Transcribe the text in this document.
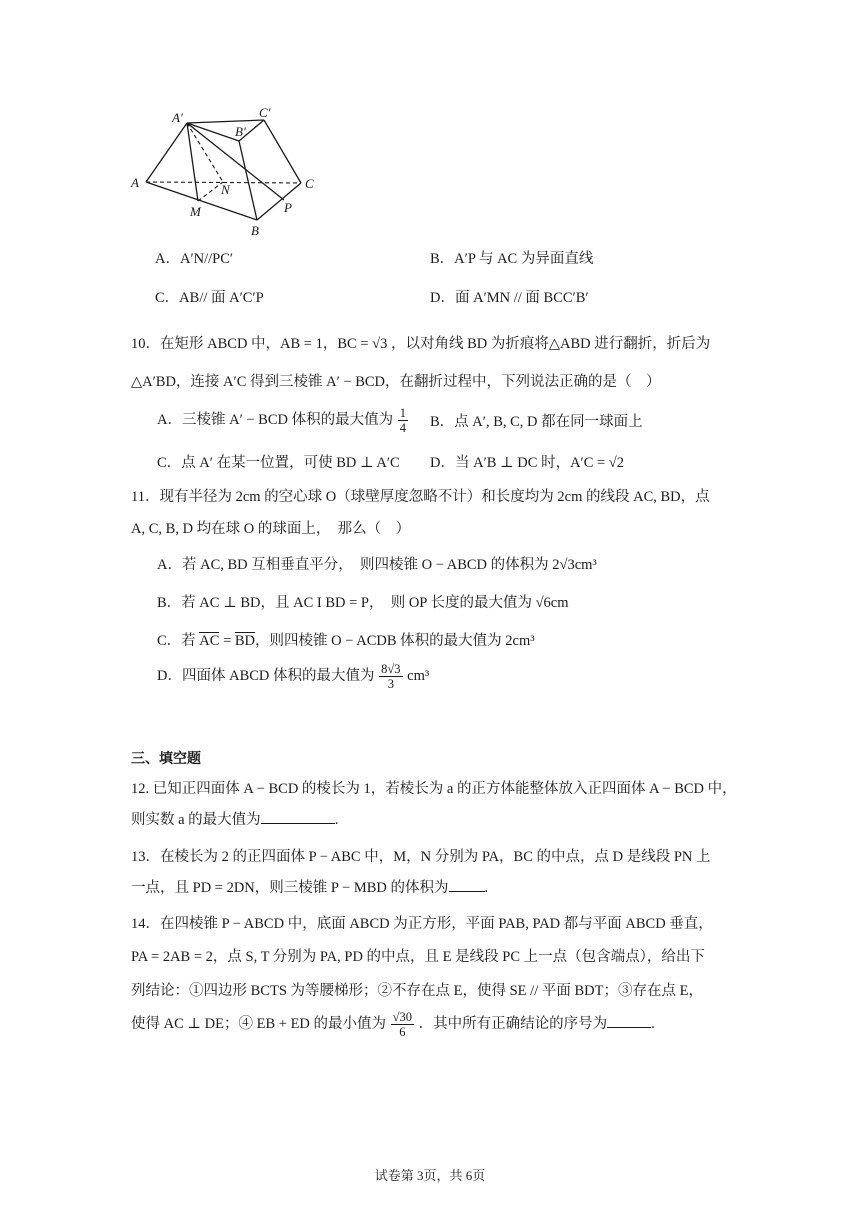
A′	C′
B′
A	N	C
M	P
B
A．A′N//PC′	B．A′P 与 AC 为异面直线
C．AB// 面 A′C′P	D．面 A′MN // 面 BCC′B′
10．在矩形 ABCD 中，AB = 1，BC = √3 ，以对角线 BD 为折痕将△ABD 进行翻折，折后为
△A′BD，连接 A′C 得到三棱锥 A′ − BCD，在翻折过程中，下列说法正确的是（　）
A．三棱锥 A′ − BCD 体积的最大值为 $\frac{1}{4}$ B．点 A′, B, C, D 都在同一球面上
C．点 A′ 在某一位置，可使 BD ⊥ A′C D．当 A′B ⊥ DC 时，A′C = √2
11．现有半径为 2cm 的空心球 O（球壁厚度忽略不计）和长度均为 2cm 的线段 AC, BD，点
A, C, B, D 均在球 O 的球面上，　那么（　）
A．若 AC, BD 互相垂直平分，　则四棱锥 O − ABCD 的体积为 2√3cm³
B．若 AC ⊥ BD，且 AC I BD = P，　则 OP 长度的最大值为 √6cm
C．若 AC = BD，则四棱锥 O − ACDB 体积的最大值为 2cm³
D．四面体 ABCD 体积的最大值为 $\frac{8√3}{3} cm^3$
三、填空题
12. 已知正四面体 A − BCD 的棱长为 1，若棱长为 a 的正方体能整体放入正四面体 A − BCD 中，
则实数 a 的最大值为	.
13．在棱长为 2 的正四面体 P − ABC 中，M，N 分别为 PA，BC 的中点，点 D 是线段 PN 上
一点，且 PD = 2DN，则三棱锥 P − MBD 的体积为 .
14．在四棱锥 P − ABCD 中，底面 ABCD 为正方形，平面 PAB, PAD 都与平面 ABCD 垂直，
PA = 2AB = 2，点 S, T 分别为 PA, PD 的中点，且 E 是线段 PC 上一点（包含端点），给出下
列结论：①四边形 BCTS 为等腰梯形；②不存在点 E，使得 SE // 平面 BDT；③存在点 E，
使得 AC ⊥ DE；④ EB + ED 的最小值为 $\frac{√30}{6}$ ．其中所有正确结论的序号为	.
试卷第 3页，共 6页
